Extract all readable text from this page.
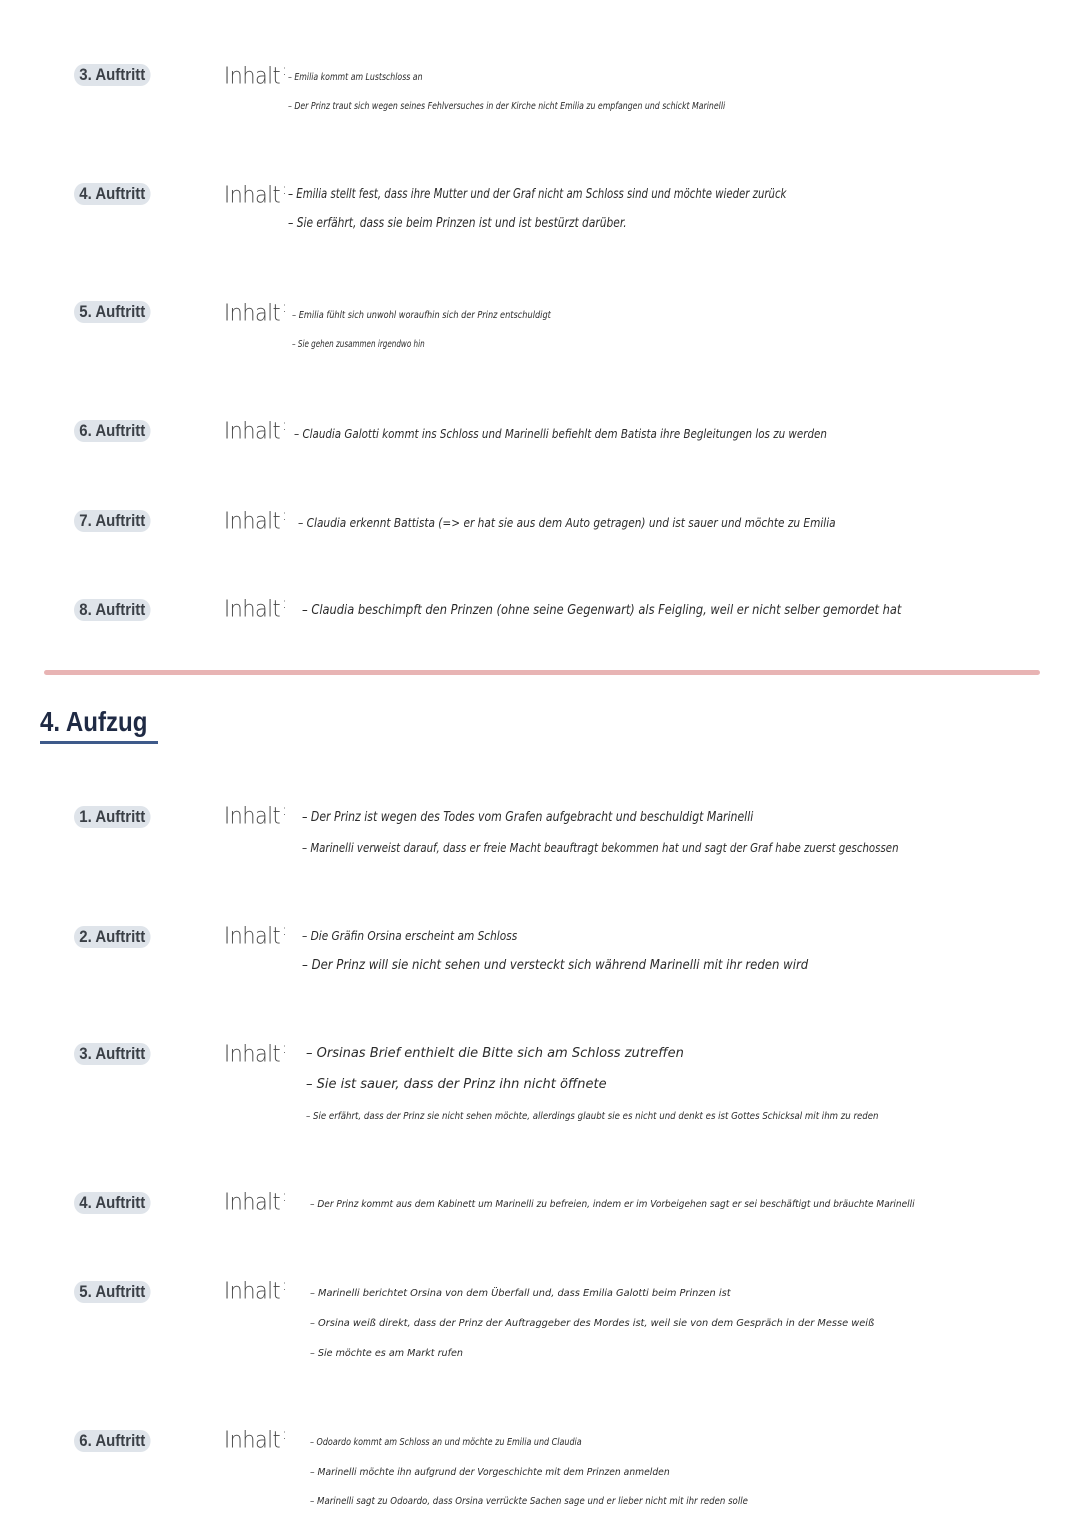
3. Auftritt	Inhalt : – Emilia kommt am Lustschloss an
– Der Prinz traut sich wegen seines Fehlversuches in der Kirche nicht Emilia zu empfangen und schickt Marinelli
4. Auftritt	Inhalt : – Emilia stellt fest, dass ihre Mutter und der Graf nicht am Schloss sind und möchte wieder zurück
– Sie erfährt, dass sie beim Prinzen ist und ist bestürzt darüber.
5. Auftritt	Inhalt : – Emilia fühlt sich unwohl woraufhin sich der Prinz entschuldigt
– Sie gehen zusammen irgendwo hin
6. Auftritt	Inhalt : – Claudia Galotti kommt ins Schloss und Marinelli befiehlt dem Batista ihre Begleitungen los zu werden
7. Auftritt	Inhalt : – Claudia erkennt Battista (=> er hat sie aus dem Auto getragen) und ist sauer und möchte zu Emilia
8. Auftritt	Inhalt : – Claudia beschimpft den Prinzen (ohne seine Gegenwart) als Feigling, weil er nicht selber gemordet hat
4. Aufzug
1. Auftritt	Inhalt : – Der Prinz ist wegen des Todes vom Grafen aufgebracht und beschuldigt Marinelli
– Marinelli verweist darauf, dass er freie Macht beauftragt bekommen hat und sagt der Graf habe zuerst geschossen
2. Auftritt	Inhalt : – Die Gräfin Orsina erscheint am Schloss
– Der Prinz will sie nicht sehen und versteckt sich während Marinelli mit ihr reden wird
3. Auftritt	Inhalt : – Orsinas Brief enthielt die Bitte sich am Schloss zutreffen
– Sie ist sauer, dass der Prinz ihn nicht öffnete
– Sie erfährt, dass der Prinz sie nicht sehen möchte, allerdings glaubt sie es nicht und denkt es ist Gottes Schicksal mit ihm zu reden
4. Auftritt	Inhalt : – Der Prinz kommt aus dem Kabinett um Marinelli zu befreien, indem er im Vorbeigehen sagt er sei beschäftigt und bräuchte Marinelli
5. Auftritt	Inhalt : – Marinelli berichtet Orsina von dem Überfall und, dass Emilia Galotti beim Prinzen ist
– Orsina weiß direkt, dass der Prinz der Auftraggeber des Mordes ist, weil sie von dem Gespräch in der Messe weiß
– Sie möchte es am Markt rufen
6. Auftritt	Inhalt : – Odoardo kommt am Schloss an und möchte zu Emilia und Claudia
– Marinelli möchte ihn aufgrund der Vorgeschichte mit dem Prinzen anmelden
– Marinelli sagt zu Odoardo, dass Orsina verrückte Sachen sage und er lieber nicht mit ihr reden solle
